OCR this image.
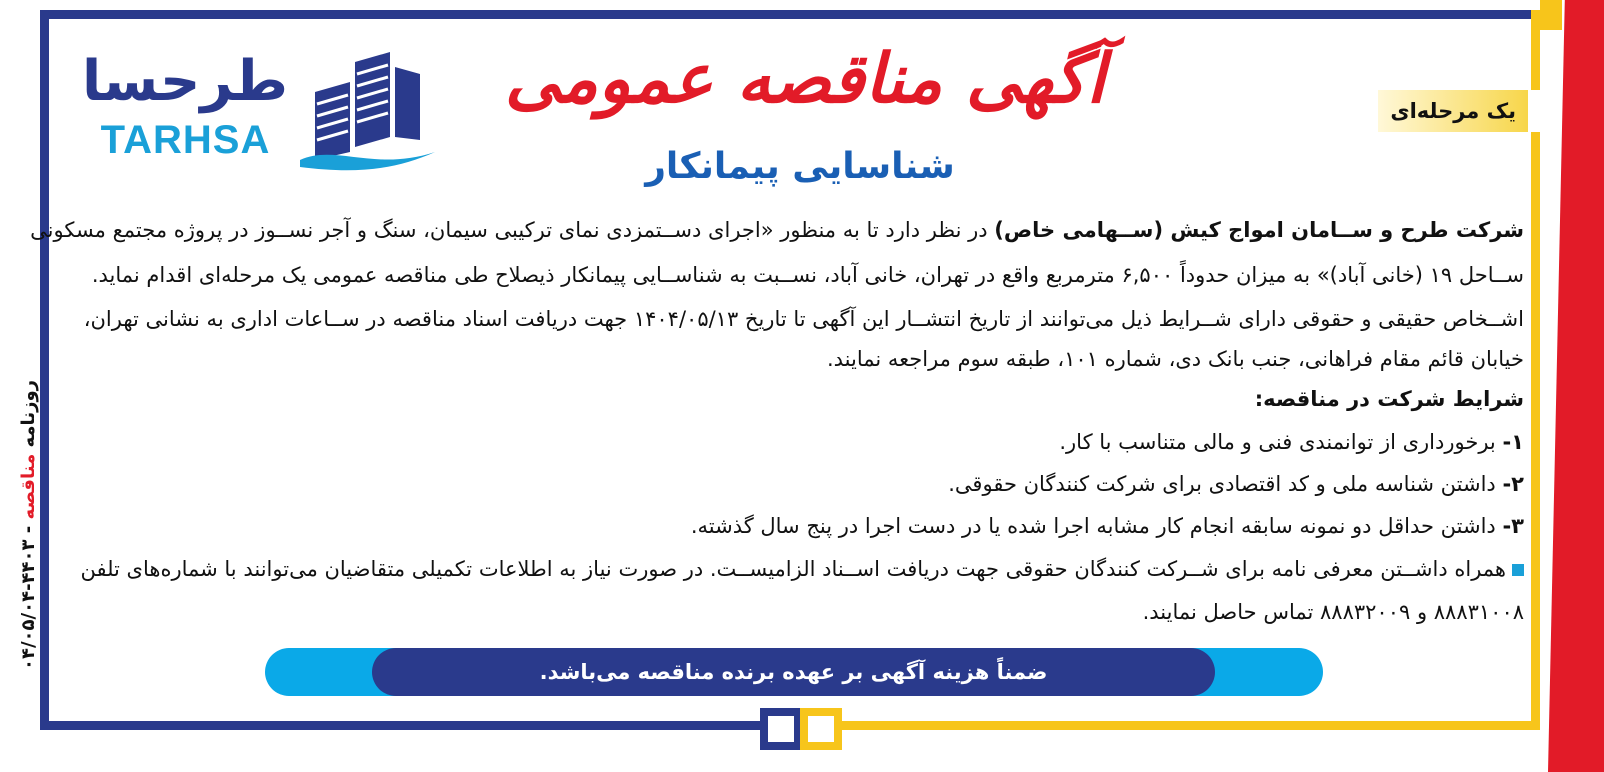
یک مرحله‌ای
آگهی مناقصه عمومی
شناسایی پیمانکار
طرحسا
TARHSA
شرکت طرح و ســامان امواج کیش (ســهامی خاص) در نظر دارد تا به منظور «اجرای دســتمزدی نمای ترکیبی سیمان، سنگ و آجر نســوز در پروژه مجتمع مسکونی
ســاحل ۱۹ (خانی آباد)» به میزان حدوداً ۶,۵۰۰ مترمربع واقع در تهران، خانی آباد، نســبت به شناســایی پیمانکار ذیصلاح طی مناقصه عمومی یک مرحله‌ای اقدام نماید.
اشــخاص حقیقی و حقوقی دارای شــرایط ذیل می‌توانند از تاریخ انتشــار این آگهی تا تاریخ ۱۴۰۴/۰۵/۱۳ جهت دریافت اسناد مناقصه در ســاعات اداری به نشانی تهران،
خیابان قائم مقام فراهانی، جنب بانک دی، شماره ۱۰۱، طبقه سوم مراجعه نمایند.
شرایط شرکت در مناقصه:
۱- برخورداری از توانمندی فنی و مالی متناسب با کار.
۲- داشتن شناسه ملی و کد اقتصادی برای شرکت کنندگان حقوقی.
۳- داشتن حداقل دو نمونه سابقه انجام کار مشابه اجرا شده یا در دست اجرا در پنج سال گذشته.
همراه داشــتن معرفی نامه برای شــرکت کنندگان حقوقی جهت دریافت اســناد الزامیســت. در صورت نیاز به اطلاعات تکمیلی متقاضیان می‌توانند با شماره‌های تلفن
۸۸۸۳۱۰۰۸ و ۸۸۸۳۲۰۰۹ تماس حاصل نمایند.
ضمناً هزینه آگهی بر عهده برنده مناقصه می‌باشد.
روزنامه مناقصه - ۴۴۰۳-۰۴/۰۵/۰۴
